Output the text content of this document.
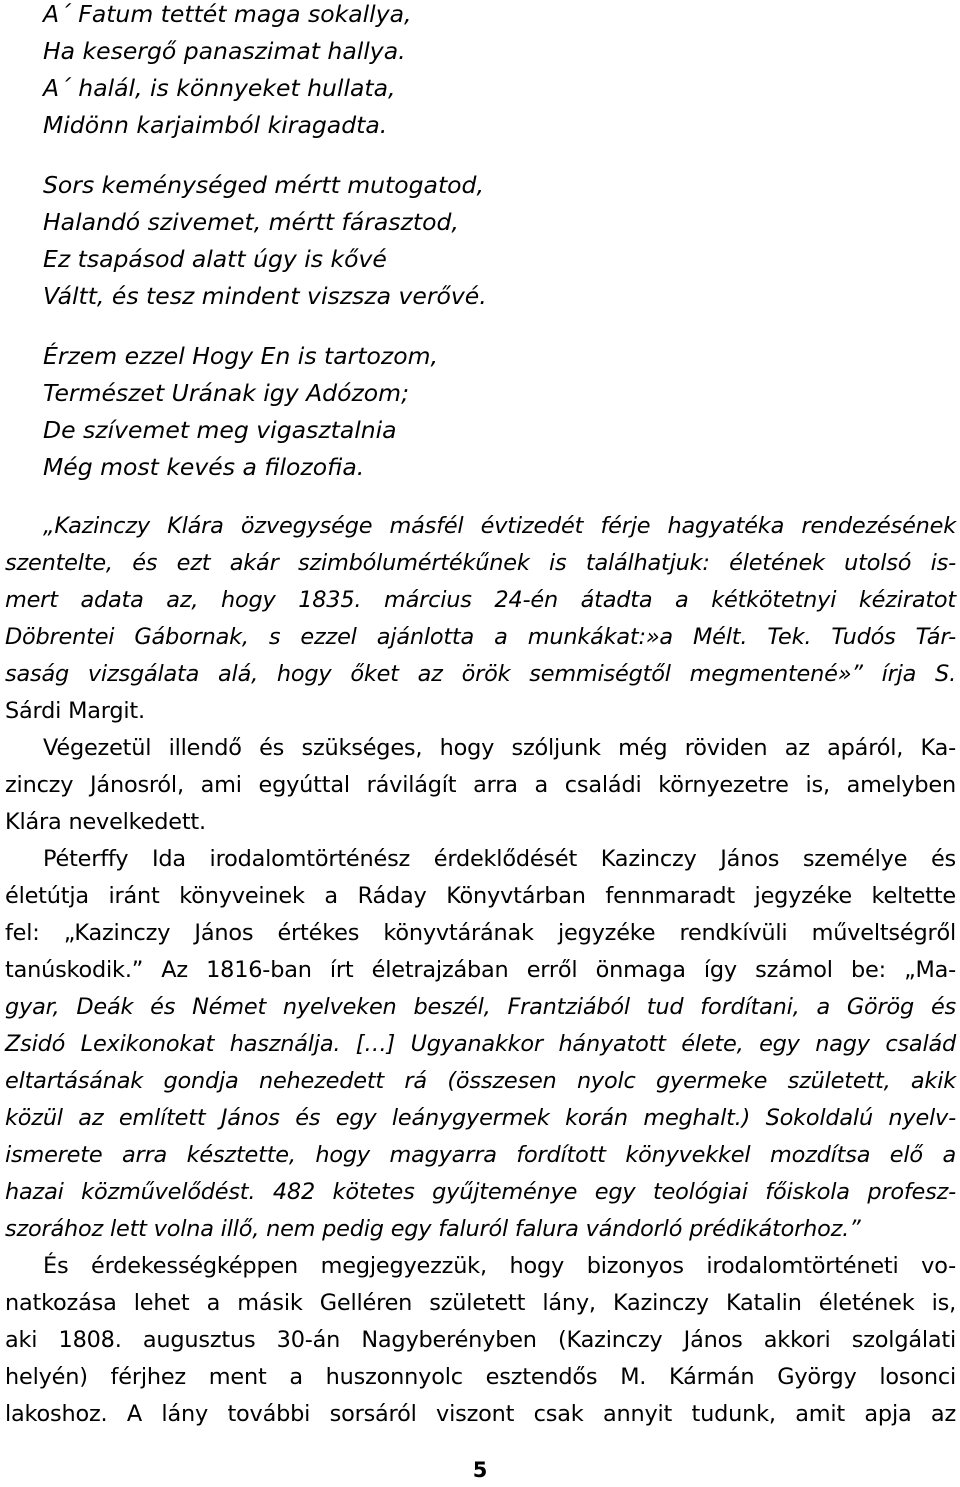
A´ Fatum tettét maga sokallya,
Ha kesergő panaszimat hallya.
A´ halál, is könnyeket hullata,
Midönn karjaimból kiragadta.
Sors keménységed mértt mutogatod,
Halandó szivemet, mértt fárasztod,
Ez tsapásod alatt úgy is kővé
Váltt, és tesz mindent viszsza verővé.
Érzem ezzel Hogy En is tartozom,
Természet Urának igy Adózom;
De szívemet meg vigasztalnia
Még most kevés a filozofia.
„Kazinczy Klára özvegysége másfél évtizedét férje hagyatéka rendezésének
szentelte, és ezt akár szimbólumértékűnek is találhatjuk: életének utolsó is-
mert adata az, hogy 1835. március 24-én átadta a kétkötetnyi kéziratot
Döbrentei Gábornak, s ezzel ajánlotta a munkákat:»a Mélt. Tek. Tudós Tár-
saság vizsgálata alá, hogy őket az örök semmiségtől megmentené»” írja S.
Sárdi Margit.
Végezetül illendő és szükséges, hogy szóljunk még röviden az apáról, Ka-
zinczy Jánosról, ami egyúttal rávilágít arra a családi környezetre is, amelyben
Klára nevelkedett.
Péterffy Ida irodalomtörténész érdeklődését Kazinczy János személye és
életútja iránt könyveinek a Ráday Könyvtárban fennmaradt jegyzéke keltette
fel: „Kazinczy János értékes könyvtárának jegyzéke rendkívüli műveltségről
tanúskodik.” Az 1816-ban írt életrajzában erről önmaga így számol be: „Ma-
gyar, Deák és Német nyelveken beszél, Frantziából tud fordítani, a Görög és
Zsidó Lexikonokat használja. […] Ugyanakkor hányatott élete, egy nagy család
eltartásának gondja nehezedett rá (összesen nyolc gyermeke született, akik
közül az említett János és egy leánygyermek korán meghalt.) Sokoldalú nyelv-
ismerete arra késztette, hogy magyarra fordított könyvekkel mozdítsa elő a
hazai közművelődést. 482 kötetes gyűjteménye egy teológiai főiskola profesz-
szorához lett volna illő, nem pedig egy faluról falura vándorló prédikátorhoz.”
És érdekességképpen megjegyezzük, hogy bizonyos irodalomtörténeti vo-
natkozása lehet a másik Gelléren született lány, Kazinczy Katalin életének is,
aki 1808. augusztus 30-án Nagyberényben (Kazinczy János akkori szolgálati
helyén) férjhez ment a huszonnyolc esztendős M. Kármán György losonci
lakoshoz. A lány további sorsáról viszont csak annyit tudunk, amit apja az
5
